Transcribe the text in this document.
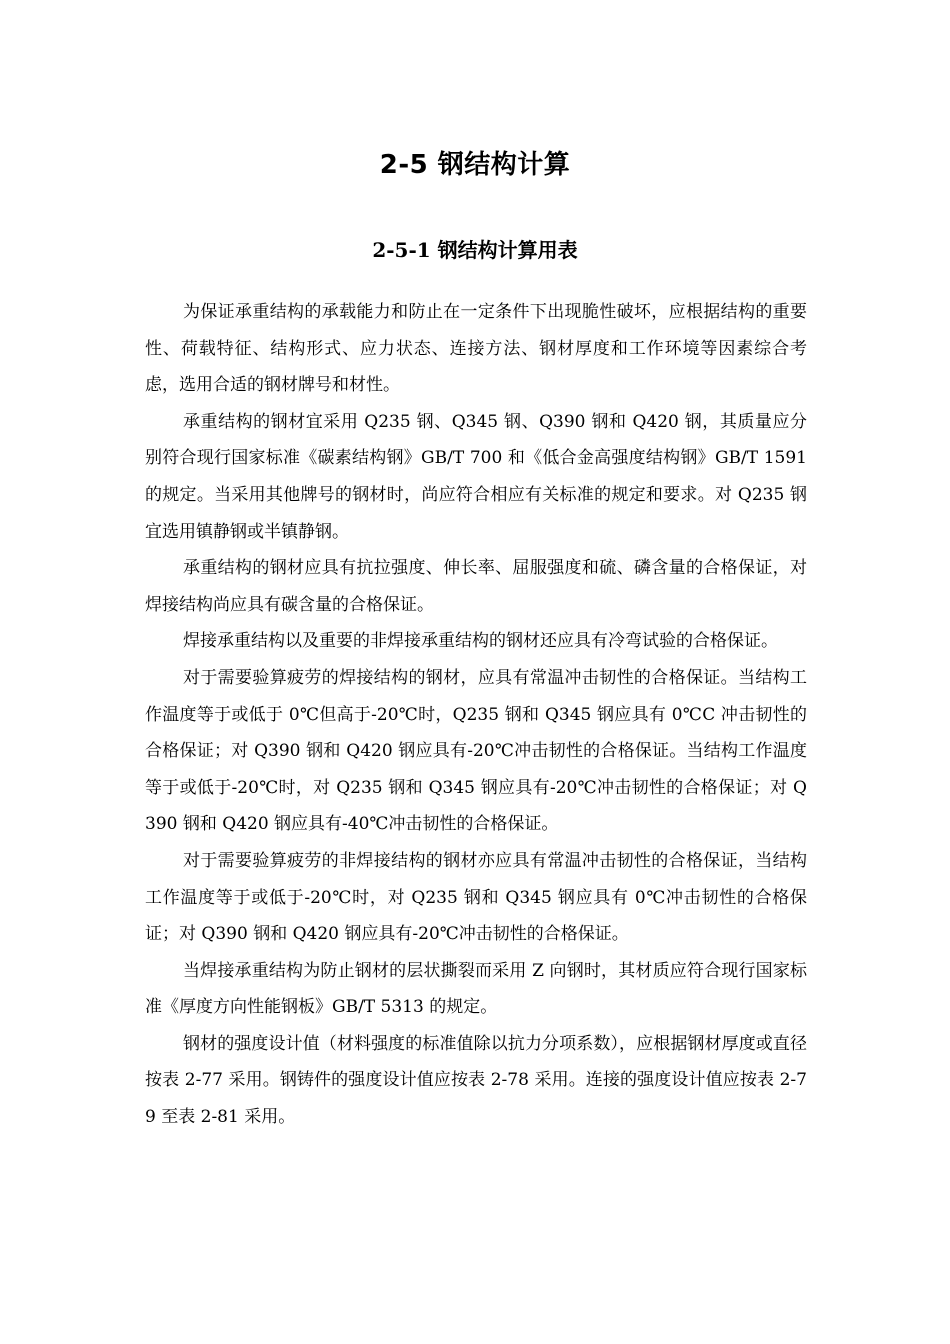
2-5 钢结构计算
2-5-1 钢结构计算用表

为保证承重结构的承载能力和防止在一定条件下出现脆性破坏，应根据结构的重要性、荷载特征、结构形式、应力状态、连接方法、钢材厚度和工作环境等因素综合考虑，选用合适的钢材牌号和材性。

承重结构的钢材宜采用 Q235 钢、Q345 钢、Q390 钢和 Q420 钢，其质量应分别符合现行国家标准《碳素结构钢》GB/T 700 和《低合金高强度结构钢》GB/T 1591 的规定。当采用其他牌号的钢材时，尚应符合相应有关标准的规定和要求。对 Q235 钢宜选用镇静钢或半镇静钢。

承重结构的钢材应具有抗拉强度、伸长率、屈服强度和硫、磷含量的合格保证，对焊接结构尚应具有碳含量的合格保证。

焊接承重结构以及重要的非焊接承重结构的钢材还应具有冷弯试验的合格保证。

对于需要验算疲劳的焊接结构的钢材，应具有常温冲击韧性的合格保证。当结构工作温度等于或低于 0℃但高于-20℃时，Q235 钢和 Q345 钢应具有 0℃C 冲击韧性的合格保证；对 Q390 钢和 Q420 钢应具有-20℃冲击韧性的合格保证。当结构工作温度等于或低于-20℃时，对 Q235 钢和 Q345 钢应具有-20℃冲击韧性的合格保证；对 Q390 钢和 Q420 钢应具有-40℃冲击韧性的合格保证。

对于需要验算疲劳的非焊接结构的钢材亦应具有常温冲击韧性的合格保证，当结构工作温度等于或低于-20℃时，对 Q235 钢和 Q345 钢应具有 0℃冲击韧性的合格保证；对 Q390 钢和 Q420 钢应具有-20℃冲击韧性的合格保证。

当焊接承重结构为防止钢材的层状撕裂而采用 Z 向钢时，其材质应符合现行国家标准《厚度方向性能钢板》GB/T 5313 的规定。

钢材的强度设计值（材料强度的标准值除以抗力分项系数），应根据钢材厚度或直径按表 2-77 采用。钢铸件的强度设计值应按表 2-78 采用。连接的强度设计值应按表 2-79 至表 2-81 采用。
